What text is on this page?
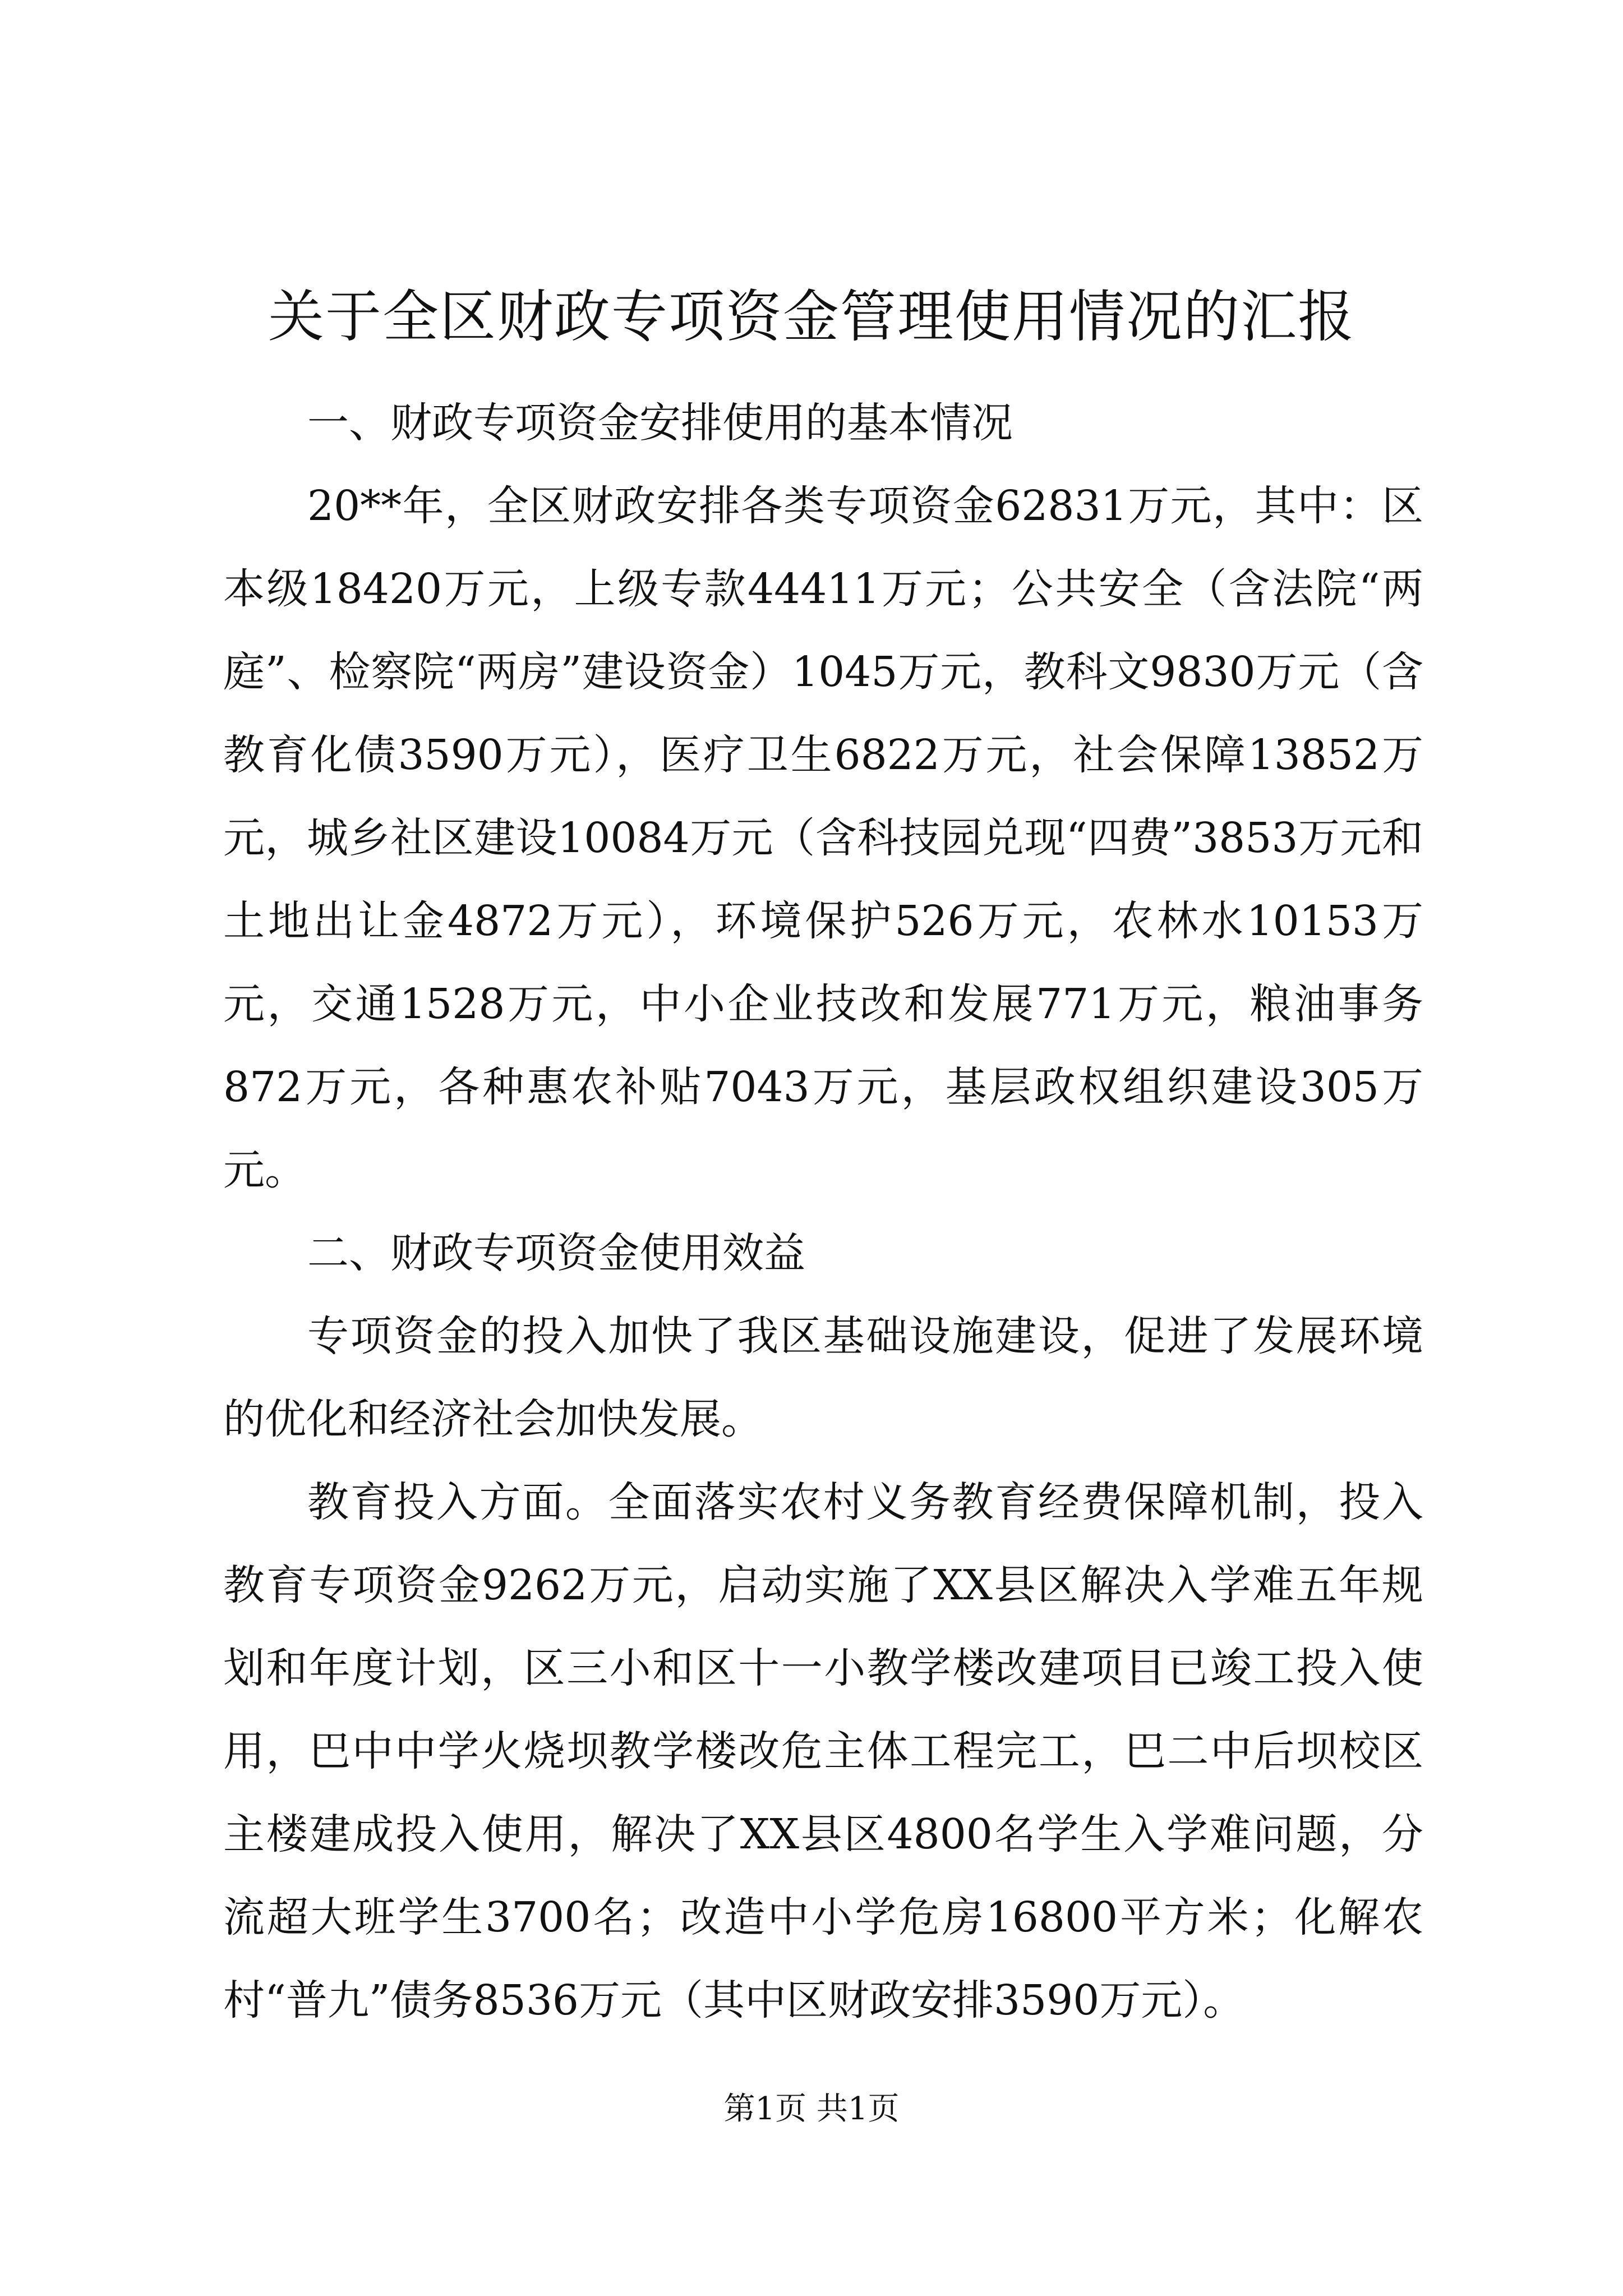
关于全区财政专项资金管理使用情况的汇报

一、财政专项资金安排使用的基本情况

20**年，全区财政安排各类专项资金62831万元，其中：区本级18420万元，上级专款44411万元；公共安全（含法院“两庭”、检察院“两房”建设资金）1045万元，教科文9830万元（含教育化债3590万元），医疗卫生6822万元，社会保障13852万元，城乡社区建设10084万元（含科技园兑现“四费”3853万元和土地出让金4872万元），环境保护526万元，农林水10153万元，交通1528万元，中小企业技改和发展771万元，粮油事务872万元，各种惠农补贴7043万元，基层政权组织建设305万元。

二、财政专项资金使用效益

专项资金的投入加快了我区基础设施建设，促进了发展环境的优化和经济社会加快发展。

教育投入方面。全面落实农村义务教育经费保障机制，投入教育专项资金9262万元，启动实施了XX县区解决入学难五年规划和年度计划，区三小和区十一小教学楼改建项目已竣工投入使用，巴中中学火烧坝教学楼改危主体工程完工，巴二中后坝校区主楼建成投入使用，解决了XX县区4800名学生入学难问题，分流超大班学生3700名；改造中小学危房16800平方米；化解农村“普九”债务8536万元（其中区财政安排3590万元）。

第1页 共1页
